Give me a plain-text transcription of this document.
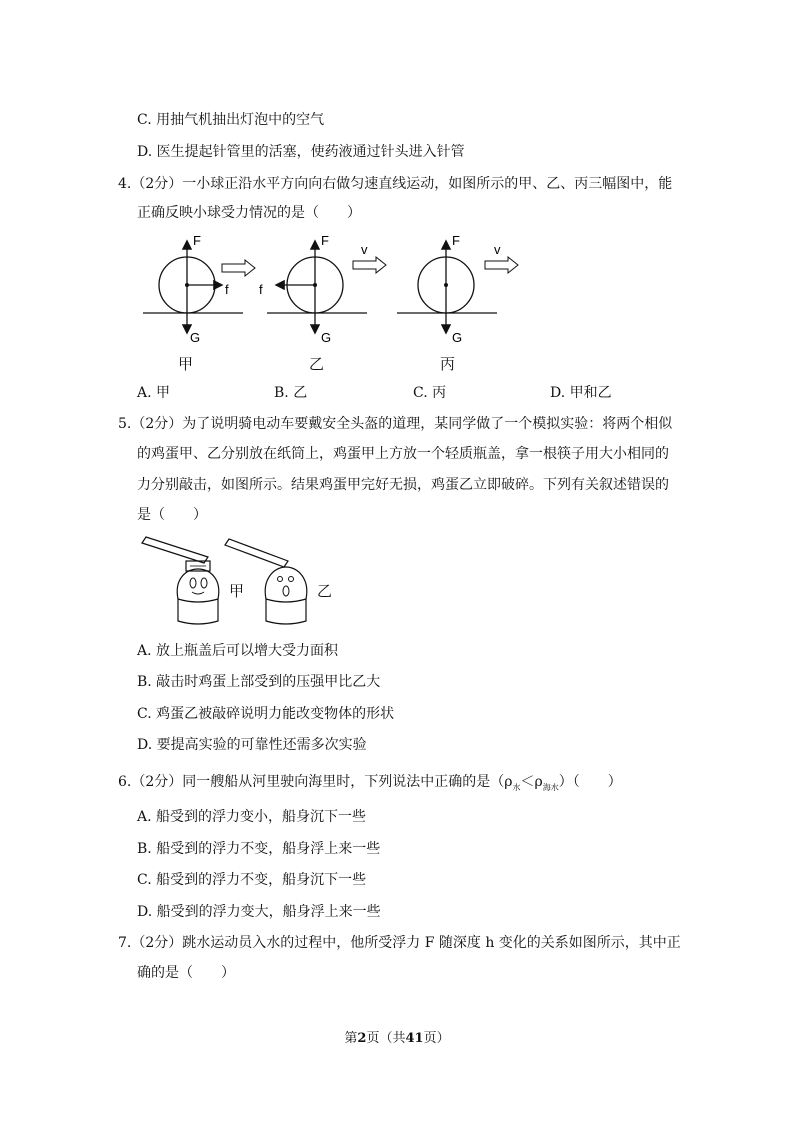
C. 用抽气机抽出灯泡中的空气
D. 医生提起针管里的活塞，使药液通过针头进入针管
4.（2分）一小球正沿水平方向向右做匀速直线运动，如图所示的甲、乙、丙三幅图中，能
正确反映小球受力情况的是（　　）
F
f
G
F
f
v
G
F
v
G
甲	乙	丙
A. 甲	B. 乙	C. 丙	D. 甲和乙
5.（2分）为了说明骑电动车要戴安全头盔的道理，某同学做了一个模拟实验：将两个相似
的鸡蛋甲、乙分别放在纸筒上，鸡蛋甲上方放一个轻质瓶盖，拿一根筷子用大小相同的
力分别敲击，如图所示。结果鸡蛋甲完好无损，鸡蛋乙立即破碎。下列有关叙述错误的
是（　　）
甲	乙
A. 放上瓶盖后可以增大受力面积
B. 敲击时鸡蛋上部受到的压强甲比乙大
C. 鸡蛋乙被敲碎说明力能改变物体的形状
D. 要提高实验的可靠性还需多次实验
6.（2分）同一艘船从河里驶向海里时，下列说法中正确的是$(\rho_水<\rho_{海水})$（　　）
A. 船受到的浮力变小，船身沉下一些
B. 船受到的浮力不变，船身浮上来一些
C. 船受到的浮力不变，船身沉下一些
D. 船受到的浮力变大，船身浮上来一些
7.（2分）跳水运动员入水的过程中，他所受浮力 F 随深度 h 变化的关系如图所示，其中正
确的是（　　）
第2页（共41页）
